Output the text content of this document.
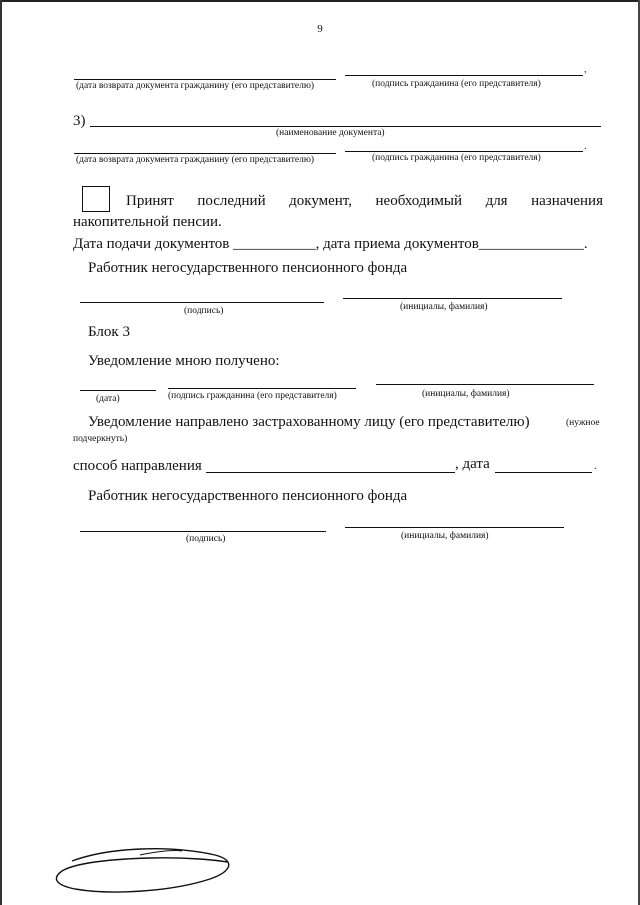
9
,
(дата возврата документа гражданину (его представителю)	(подпись гражданина (его представителя)
3)
(наименование документа)
.
(дата возврата документа гражданину (его представителю)	(подпись гражданина (его представителя)
Принят последний документ, необходимый для назначения
накопительной пенсии.
Дата подачи документов ___________, дата приема документов______________.
Работник негосударственного пенсионного фонда
(подпись)	(инициалы, фамилия)
Блок 3
Уведомление мною получено:
(дата)	(подпись гражданина (его представителя)	(инициалы, фамилия)
Уведомление направлено застрахованному лицу (его представителю)	(нужное
подчеркнуть)
способ направления	, дата	.
Работник негосударственного пенсионного фонда
(подпись)	(инициалы, фамилия)
